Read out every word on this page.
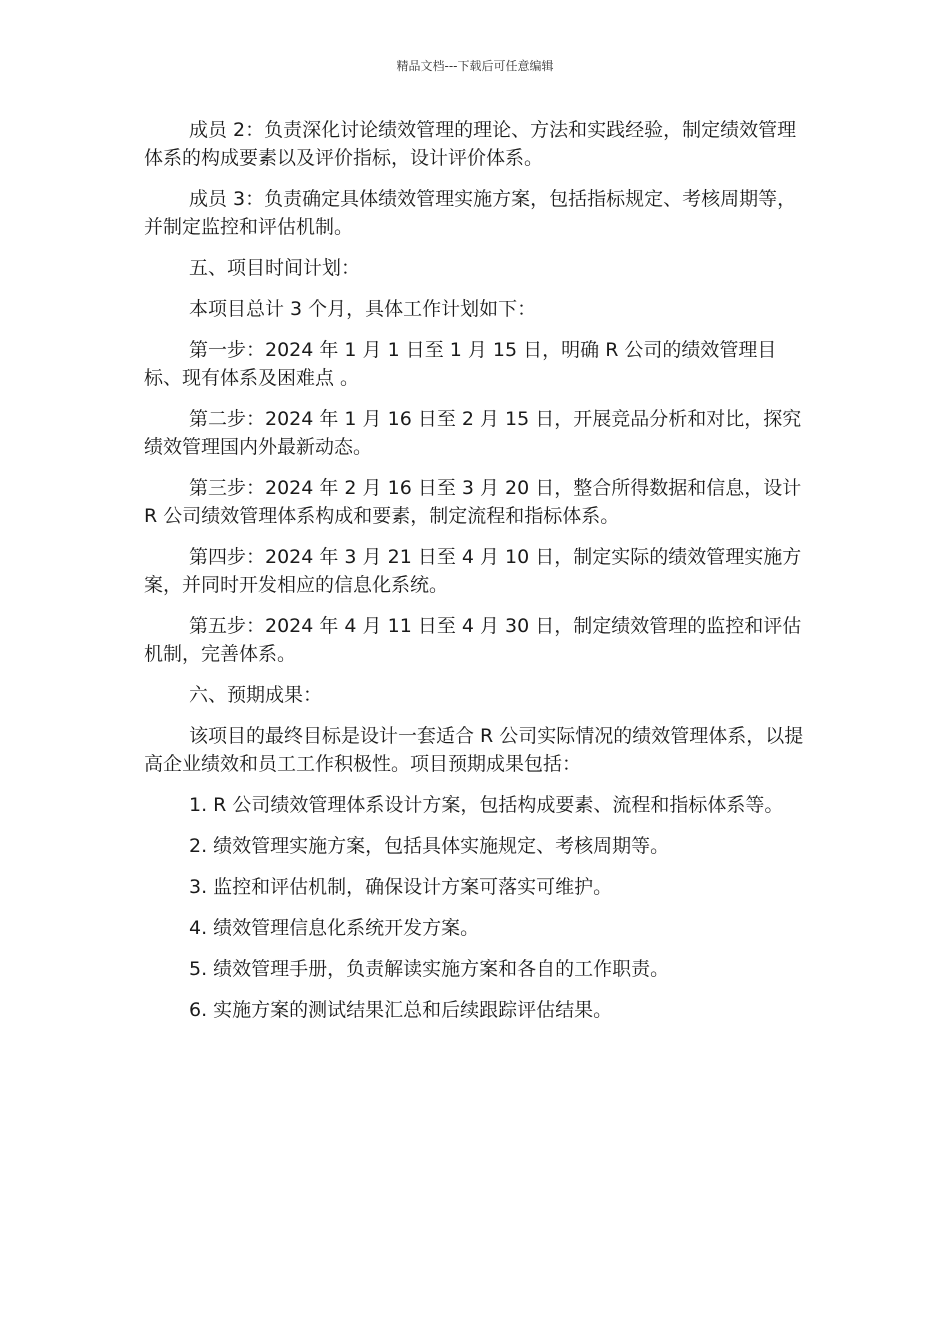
精品文档---下载后可任意编辑

成员 2：负责深化讨论绩效管理的理论、方法和实践经验，制定绩效管理体系的构成要素以及评价指标，设计评价体系。

成员 3：负责确定具体绩效管理实施方案，包括指标规定、考核周期等，并制定监控和评估机制。

五、项目时间计划：

本项目总计 3 个月，具体工作计划如下：

第一步：2024 年 1 月 1 日至 1 月 15 日，明确 R 公司的绩效管理目标、现有体系及困难点 。

第二步：2024 年 1 月 16 日至 2 月 15 日，开展竞品分析和对比，探究绩效管理国内外最新动态。

第三步：2024 年 2 月 16 日至 3 月 20 日，整合所得数据和信息，设计 R 公司绩效管理体系构成和要素，制定流程和指标体系。

第四步：2024 年 3 月 21 日至 4 月 10 日，制定实际的绩效管理实施方案，并同时开发相应的信息化系统。

第五步：2024 年 4 月 11 日至 4 月 30 日，制定绩效管理的监控和评估机制，完善体系。

六、预期成果：

该项目的最终目标是设计一套适合 R 公司实际情况的绩效管理体系，以提高企业绩效和员工工作积极性。项目预期成果包括：

1. R 公司绩效管理体系设计方案，包括构成要素、流程和指标体系等。

2. 绩效管理实施方案，包括具体实施规定、考核周期等。

3. 监控和评估机制，确保设计方案可落实可维护。

4. 绩效管理信息化系统开发方案。

5. 绩效管理手册，负责解读实施方案和各自的工作职责。

6. 实施方案的测试结果汇总和后续跟踪评估结果。
